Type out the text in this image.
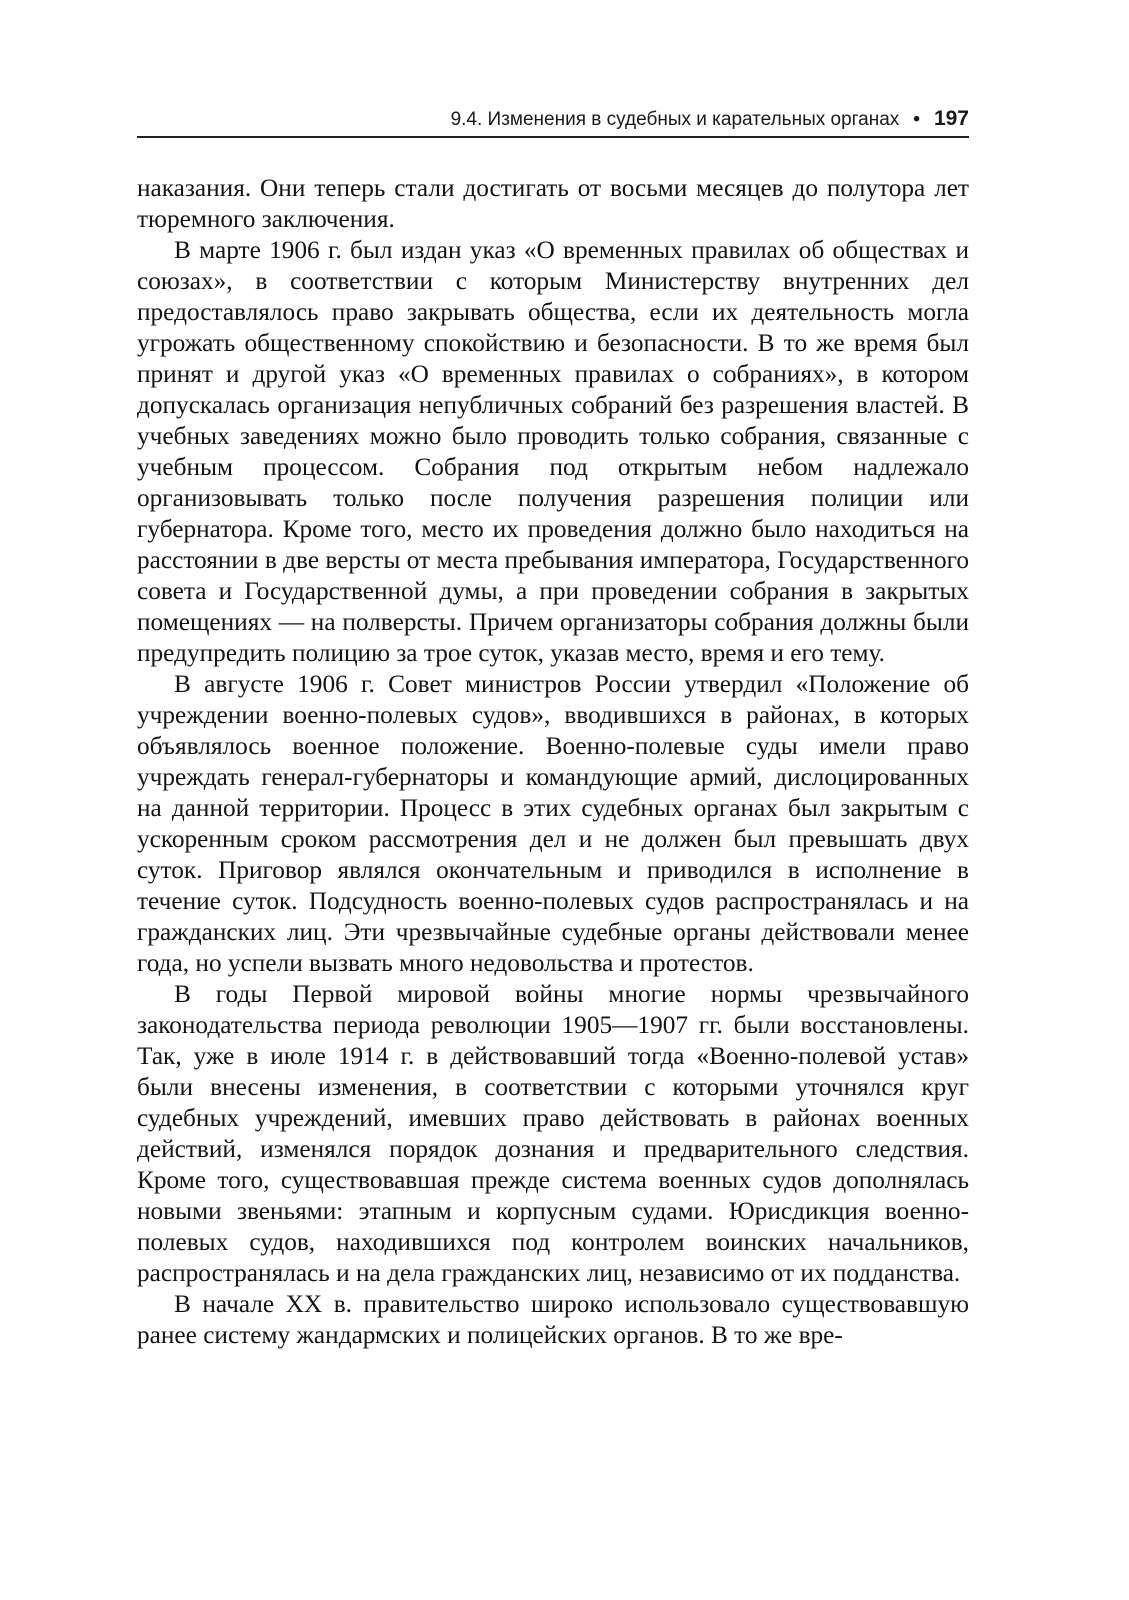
9.4. Изменения в судебных и карательных органах • 197

наказания. Они теперь стали достигать от восьми месяцев до полутора лет тюремного заключения.

В марте 1906 г. был издан указ «О временных правилах об обществах и союзах», в соответствии с которым Министерству внутренних дел предоставлялось право закрывать общества, если их деятельность могла угрожать общественному спокойствию и безопасности. В то же время был принят и другой указ «О временных правилах о собраниях», в котором допускалась организация непубличных собраний без разрешения властей. В учебных заведениях можно было проводить только собрания, связанные с учебным процессом. Собрания под открытым небом надлежало организовывать только после получения разрешения полиции или губернатора. Кроме того, место их проведения должно было находиться на расстоянии в две версты от места пребывания императора, Государственного совета и Государственной думы, а при проведении собрания в закрытых помещениях — на полверсты. Причем организаторы собрания должны были предупредить полицию за трое суток, указав место, время и его тему.

В августе 1906 г. Совет министров России утвердил «Положение об учреждении военно-полевых судов», вводившихся в районах, в которых объявлялось военное положение. Военно-полевые суды имели право учреждать генерал-губернаторы и командующие армий, дислоцированных на данной территории. Процесс в этих судебных органах был закрытым с ускоренным сроком рассмотрения дел и не должен был превышать двух суток. Приговор являлся окончательным и приводился в исполнение в течение суток. Подсудность военно-полевых судов распространялась и на гражданских лиц. Эти чрезвычайные судебные органы действовали менее года, но успели вызвать много недовольства и протестов.

В годы Первой мировой войны многие нормы чрезвычайного законодательства периода революции 1905—1907 гг. были восстановлены. Так, уже в июле 1914 г. в действовавший тогда «Военно-полевой устав» были внесены изменения, в соответствии с которыми уточнялся круг судебных учреждений, имевших право действовать в районах военных действий, изменялся порядок дознания и предварительного следствия. Кроме того, существовавшая прежде система военных судов дополнялась новыми звеньями: этапным и корпусным судами. Юрисдикция военно-полевых судов, находившихся под контролем воинских начальников, распространялась и на дела гражданских лиц, независимо от их подданства.

В начале XX в. правительство широко использовало существовавшую ранее систему жандармских и полицейских органов. В то же вре-
